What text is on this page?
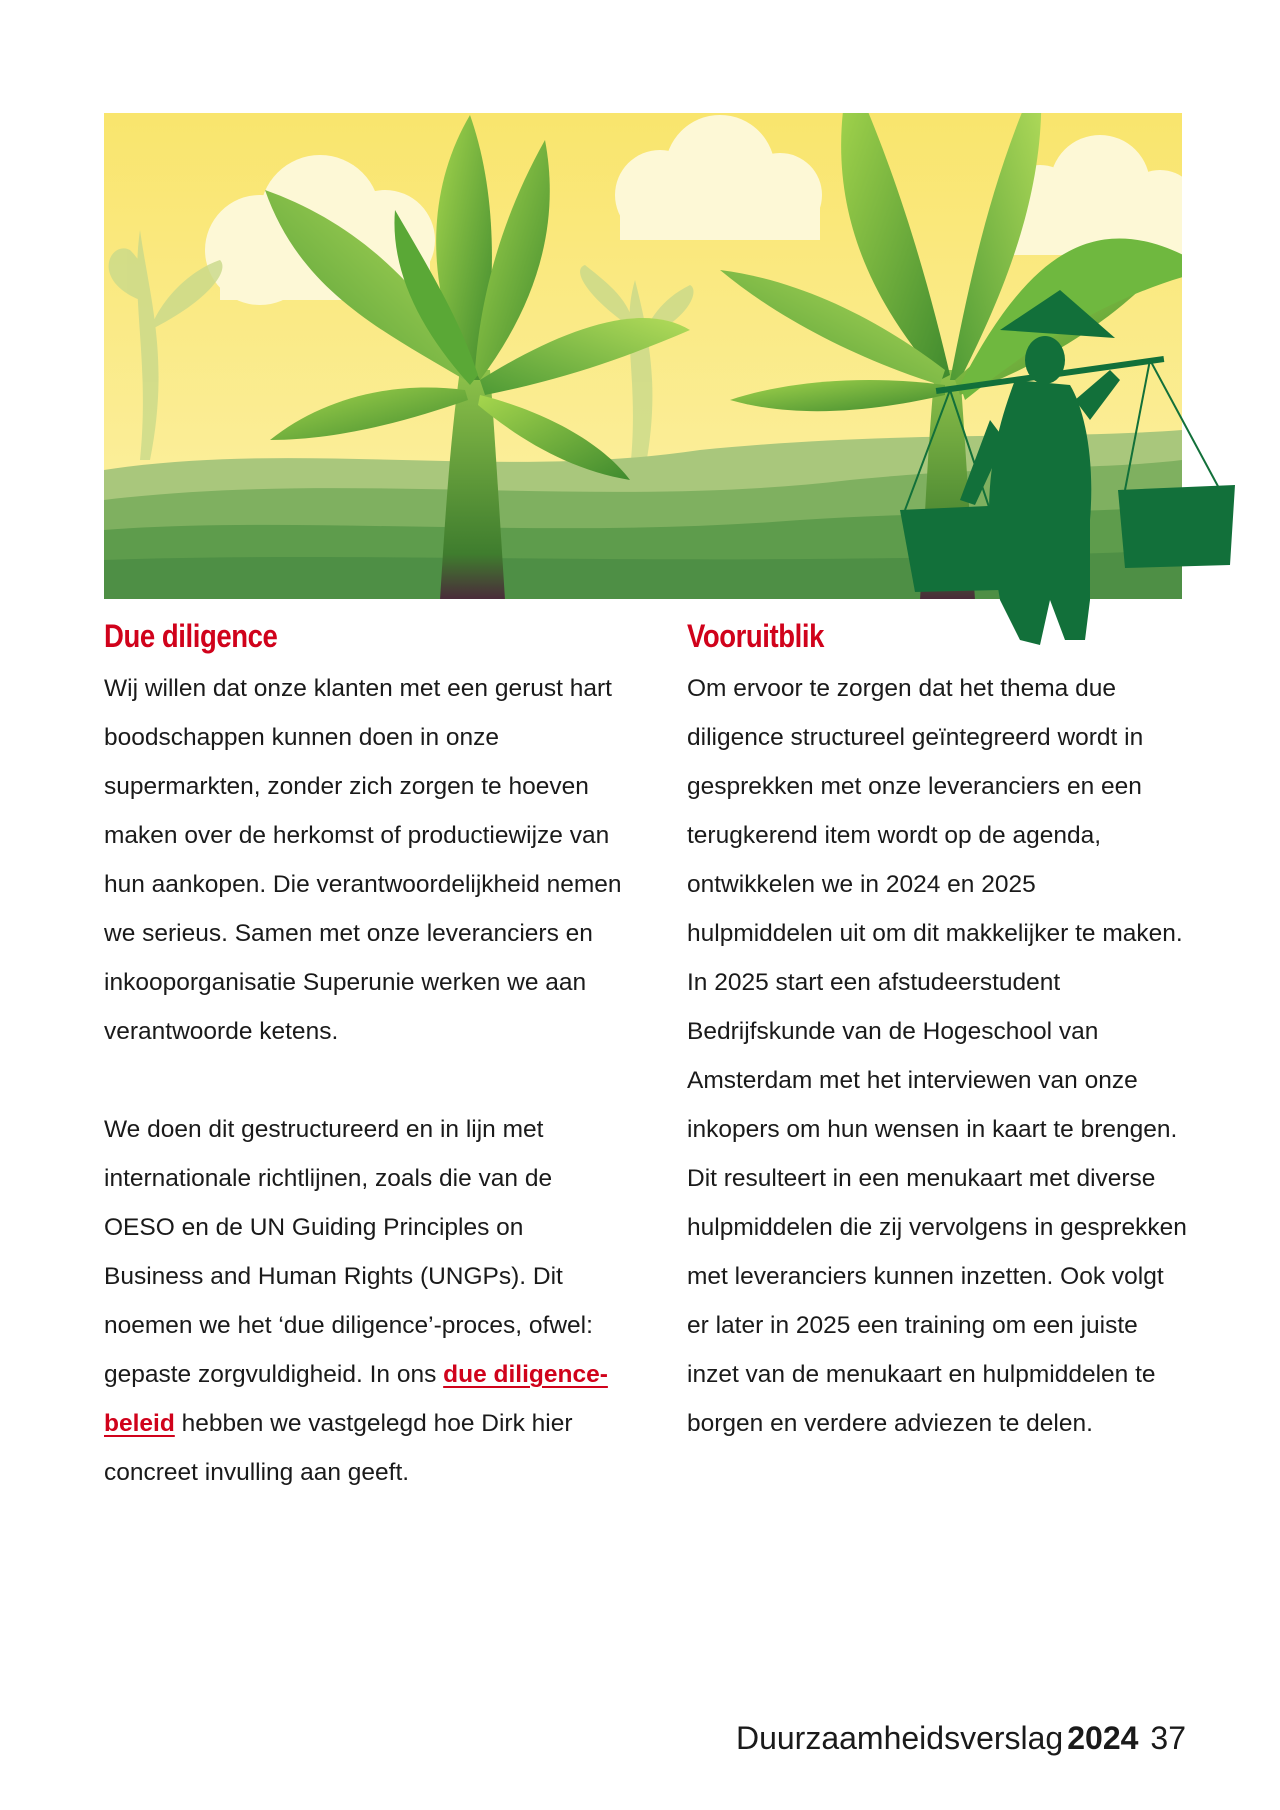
Due diligence

Wij willen dat onze klanten met een gerust hart boodschappen kunnen doen in onze supermarkten, zonder zich zorgen te hoeven maken over de herkomst of productiewijze van hun aankopen. Die verantwoordelijkheid nemen we serieus. Samen met onze leveranciers en inkooporganisatie Superunie werken we aan verantwoorde ketens.

We doen dit gestructureerd en in lijn met internationale richtlijnen, zoals die van de OESO en de UN Guiding Principles on Business and Human Rights (UNGPs). Dit noemen we het ‘due diligence’-proces, ofwel: gepaste zorgvuldigheid. In ons due diligence-beleid hebben we vastgelegd hoe Dirk hier concreet invulling aan geeft.

Vooruitblik

Om ervoor te zorgen dat het thema due diligence structureel geïntegreerd wordt in gesprekken met onze leveranciers en een terugkerend item wordt op de agenda, ontwikkelen we in 2024 en 2025 hulpmiddelen uit om dit makkelijker te maken. In 2025 start een afstudeerstudent Bedrijfskunde van de Hogeschool van Amsterdam met het interviewen van onze inkopers om hun wensen in kaart te brengen. Dit resulteert in een menukaart met diverse hulpmiddelen die zij vervolgens in gesprekken met leveranciers kunnen inzetten. Ook volgt er later in 2025 een training om een juiste inzet van de menukaart en hulpmiddelen te borgen en verdere adviezen te delen.

Duurzaamheidsverslag 2024 37
